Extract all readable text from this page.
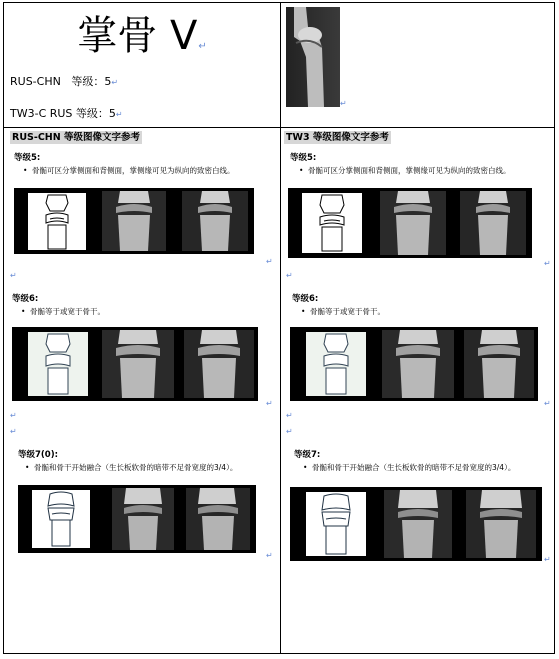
掌骨 V↵
RUS-CHN 等级：5↵
TW3-C RUS 等级：5↵
↵
RUS-CHN 等级图像文字参考	TW3 等级图像文字参考
等级5:
• 骨骺可区分掌侧面和背侧面，掌侧缘可见为纵向的致密白线。
↵
↵
等级6:
• 骨骺等于或宽于骨干。
↵
↵
↵
等级7(0):
• 骨骺和骨干开始融合（生长板软骨的暗带不足骨宽度的3/4）。
↵
等级5:
• 骨骺可区分掌侧面和背侧面，掌侧缘可见为纵向的致密白线。
↵
↵
等级6:
• 骨骺等于或宽于骨干。
↵
↵
↵
等级7:
• 骨骺和骨干开始融合（生长板软骨的暗带不足骨宽度的3/4）。
↵
